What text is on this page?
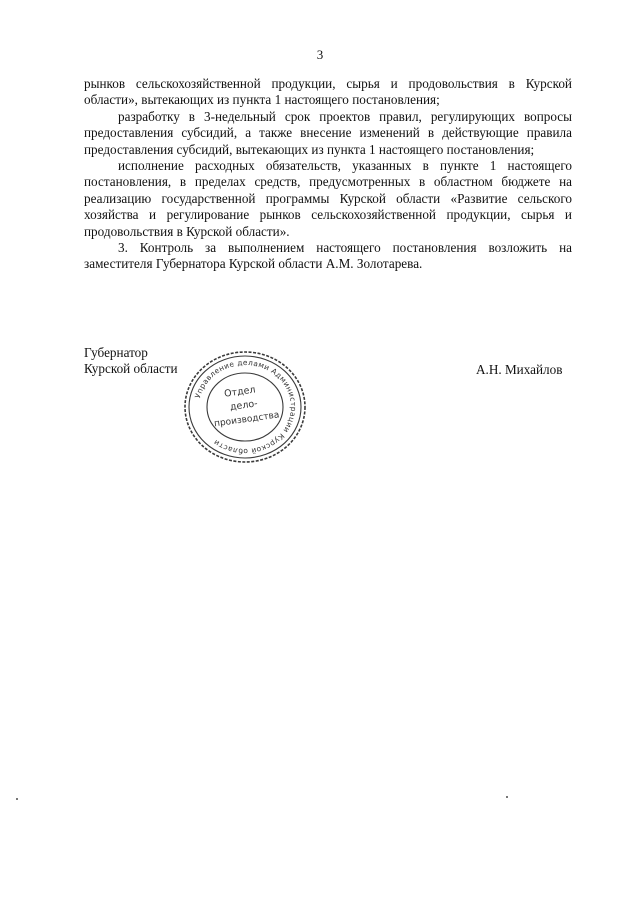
3

рынков сельскохозяйственной продукции, сырья и продовольствия в Курской области», вытекающих из пункта 1 настоящего постановления;

разработку в 3-недельный срок проектов правил, регулирующих вопросы предоставления субсидий, а также внесение изменений в действующие правила предоставления субсидий, вытекающих из пункта 1 настоящего постановления;

исполнение расходных обязательств, указанных в пункте 1 настоящего постановления, в пределах средств, предусмотренных в областном бюджете на реализацию государственной программы Курской области «Развитие сельского хозяйства и регулирование рынков сельскохозяйственной продукции, сырья и продовольствия в Курской области».

3. Контроль за выполнением настоящего постановления возложить на заместителя Губернатора Курской области А.М. Золотарева.

Губернатор
Курской области	А.Н. Михайлов
Управление делами Администрации Курской области
Отдел
дело-
производства
